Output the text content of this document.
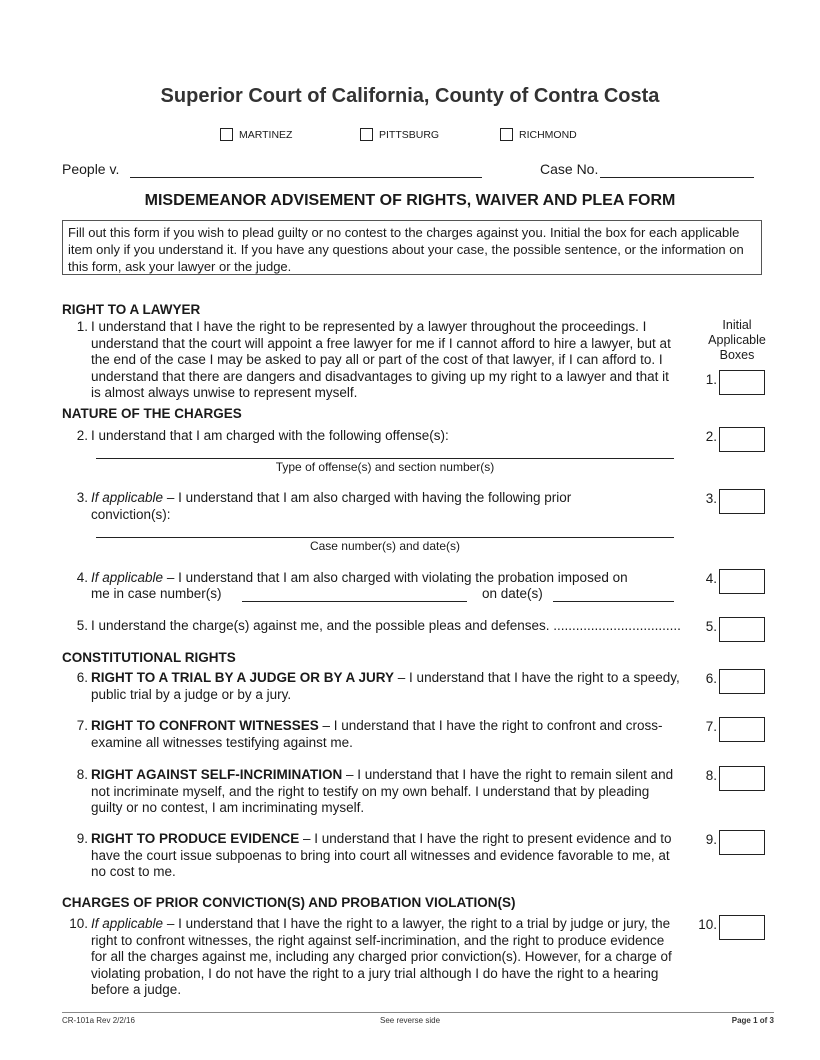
Superior Court of California, County of Contra Costa
MARTINEZ	PITTSBURG	RICHMOND
People v.	Case No.
MISDEMEANOR ADVISEMENT OF RIGHTS, WAIVER AND PLEA FORM
Fill out this form if you wish to plead guilty or no contest to the charges against you. Initial the box for each applicable item only if you understand it. If you have any questions about your case, the possible sentence, or the information on this form, ask your lawyer or the judge.
RIGHT TO A LAWYER
Initial
Applicable
Boxes
1. I understand that I have the right to be represented by a lawyer throughout the proceedings. I understand that the court will appoint a free lawyer for me if I cannot afford to hire a lawyer, but at the end of the case I may be asked to pay all or part of the cost of that lawyer, if I can afford to. I understand that there are dangers and disadvantages to giving up my right to a lawyer and that it is almost always unwise to represent myself. .....
1.
NATURE OF THE CHARGES
2. I understand that I am charged with the following offense(s):
Type of offense(s) and section number(s)
2.
3. If applicable – I understand that I am also charged with having the following prior conviction(s):
Case number(s) and date(s)
3.
4. If applicable – I understand that I am also charged with violating the probation imposed on
me in case number(s)	on date(s)
4.
5. I understand the charge(s) against me, and the possible pleas and defenses. .....	5.
CONSTITUTIONAL RIGHTS
6. RIGHT TO A TRIAL BY A JUDGE OR BY A JURY – I understand that I have the right to a speedy, public trial by a judge or by a jury. .....
6.
7. RIGHT TO CONFRONT WITNESSES – I understand that I have the right to confront and cross-examine all witnesses testifying against me. .....
7.
8. RIGHT AGAINST SELF-INCRIMINATION – I understand that I have the right to remain silent and not incriminate myself, and the right to testify on my own behalf. I understand that by pleading guilty or no contest, I am incriminating myself. .....
8.
9. RIGHT TO PRODUCE EVIDENCE – I understand that I have the right to present evidence and to have the court issue subpoenas to bring into court all witnesses and evidence favorable to me, at no cost to me. .....
9.
CHARGES OF PRIOR CONVICTION(S) AND PROBATION VIOLATION(S)
10. If applicable – I understand that I have the right to a lawyer, the right to a trial by judge or jury, the right to confront witnesses, the right against self-incrimination, and the right to produce evidence for all the charges against me, including any charged prior conviction(s). However, for a charge of violating probation, I do not have the right to a jury trial although I do have the right to a hearing before a judge. .....
10.
CR-101a Rev 2/2/16	See reverse side	Page 1 of 3
